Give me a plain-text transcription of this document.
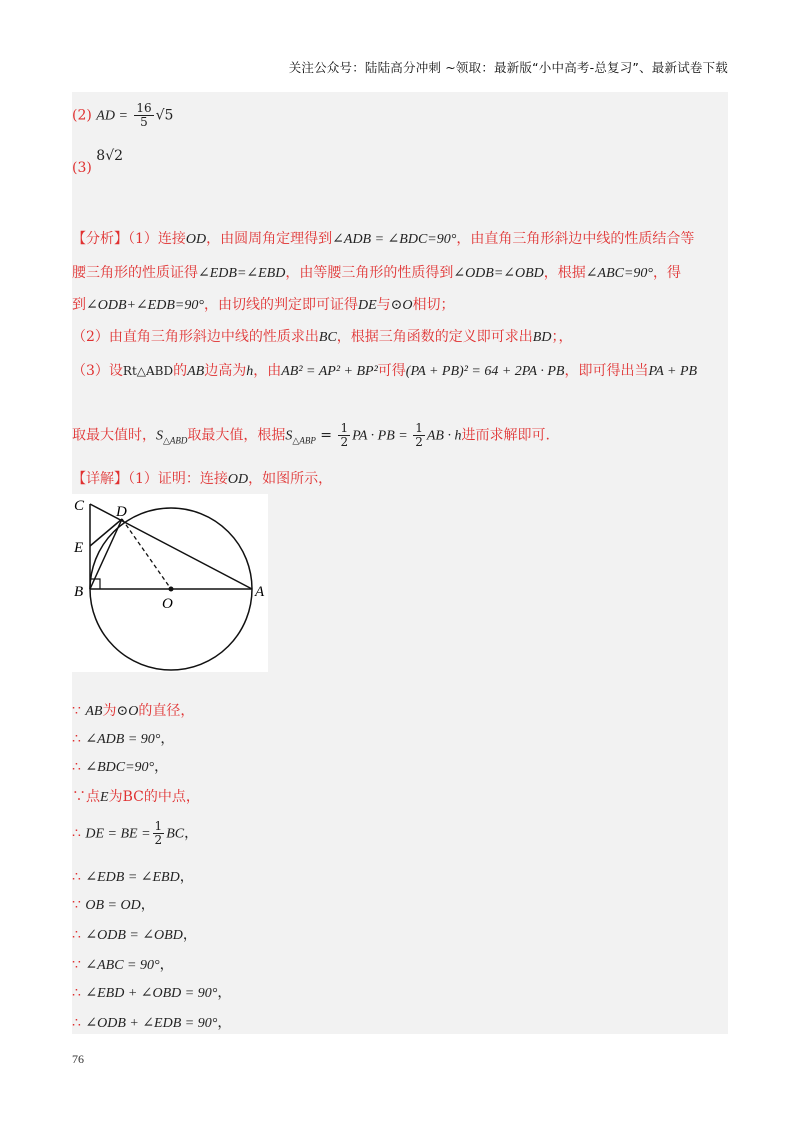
关注公众号：陆陆高分冲刺 ~领取：最新版“小中高考-总复习”、最新试卷下载
(2) AD = $\frac{16}{5} √5$
(3) 8√2
【分析】（1）连接OD，由圆周角定理得到∠ADB = ∠BDC=90°，由直角三角形斜边中线的性质结合等
腰三角形的性质证得∠EDB=∠EBD，由等腰三角形的性质得到∠ODB=∠OBD，根据∠ABC=90°，得
到∠ODB+∠EDB=90°，由切线的判定即可证得DE与⊙O相切；
（2）由直角三角形斜边中线的性质求出BC，根据三角函数的定义即可求出BD；，
（3）设Rt△ABD的AB边高为h，由AB² = AP² + BP²可得(PA + PB)² = 64 + 2PA · PB，即可得出当PA + PB
取最大值时，$S_{\triangle ABD}$取最大值，根据$S_{\triangle ABP} = \frac{1}{2}$ PA · PB = $\frac{1}{2}$ AB · h进而求解即可.
【详解】（1）证明：连接OD，如图所示，
C D
E
B
O
A
∵ AB为⊙O的直径，
∴ ∠ADB = 90°，
∴ ∠BDC=90°，
∵点E为BC的中点，
∴ DE = BE = $\frac{1}{2}$ BC，
∴ ∠EDB = ∠EBD，
∵ OB = OD，
∴ ∠ODB = ∠OBD，
∵ ∠ABC = 90°，
∴ ∠EBD + ∠OBD = 90°，
∴ ∠ODB + ∠EDB = 90°，
76
